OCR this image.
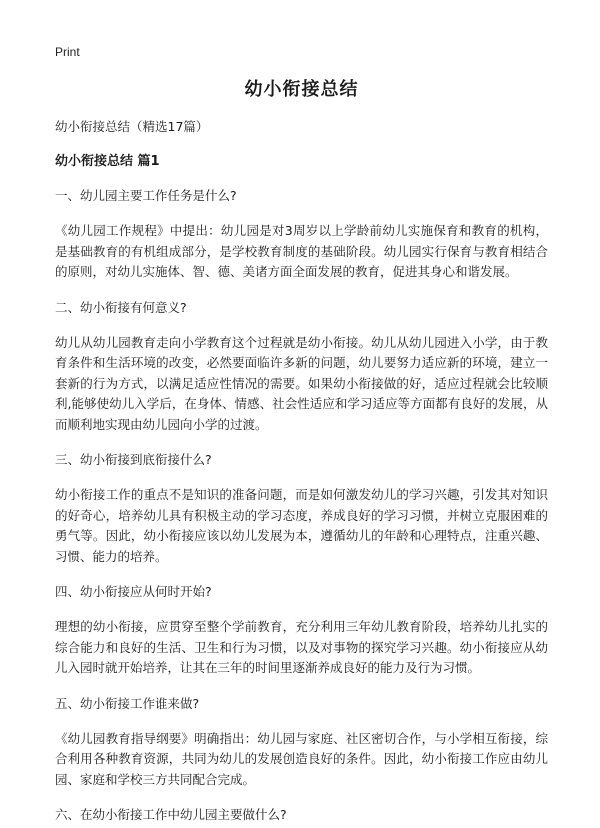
Print
幼小衔接总结

幼小衔接总结（精选17篇）

幼小衔接总结 篇1

一、幼儿园主要工作任务是什么?

《幼儿园工作规程》中提出：幼儿园是对3周岁以上学龄前幼儿实施保育和教育的机构，是基础教育的有机组成部分，是学校教育制度的基础阶段。幼儿园实行保育与教育相结合的原则，对幼儿实施体、智、德、美诸方面全面发展的教育，促进其身心和谐发展。

二、幼小衔接有何意义?

幼儿从幼儿园教育走向小学教育这个过程就是幼小衔接。幼儿从幼儿园进入小学，由于教育条件和生活环境的改变，必然要面临许多新的问题，幼儿要努力适应新的环境，建立一套新的行为方式，以满足适应性情况的需要。如果幼小衔接做的好，适应过程就会比较顺利,能够使幼儿入学后，在身体、情感、社会性适应和学习适应等方面都有良好的发展，从而顺利地实现由幼儿园向小学的过渡。

三、幼小衔接到底衔接什么?

幼小衔接工作的重点不是知识的准备问题，而是如何激发幼儿的学习兴趣，引发其对知识的好奇心，培养幼儿具有积极主动的学习态度，养成良好的学习习惯，并树立克服困难的勇气等。因此，幼小衔接应该以幼儿发展为本，遵循幼儿的年龄和心理特点，注重兴趣、习惯、能力的培养。

四、幼小衔接应从何时开始?

理想的幼小衔接，应贯穿至整个学前教育，充分利用三年幼儿教育阶段，培养幼儿扎实的综合能力和良好的生活、卫生和行为习惯，以及对事物的探究学习兴趣。幼小衔接应从幼儿入园时就开始培养，让其在三年的时间里逐渐养成良好的能力及行为习惯。

五、幼小衔接工作谁来做?

《幼儿园教育指导纲要》明确指出：幼儿园与家庭、社区密切合作，与小学相互衔接，综合利用各种教育资源，共同为幼儿的发展创造良好的条件。因此，幼小衔接工作应由幼儿园、家庭和学校三方共同配合完成。

六、在幼小衔接工作中幼儿园主要做什么?
